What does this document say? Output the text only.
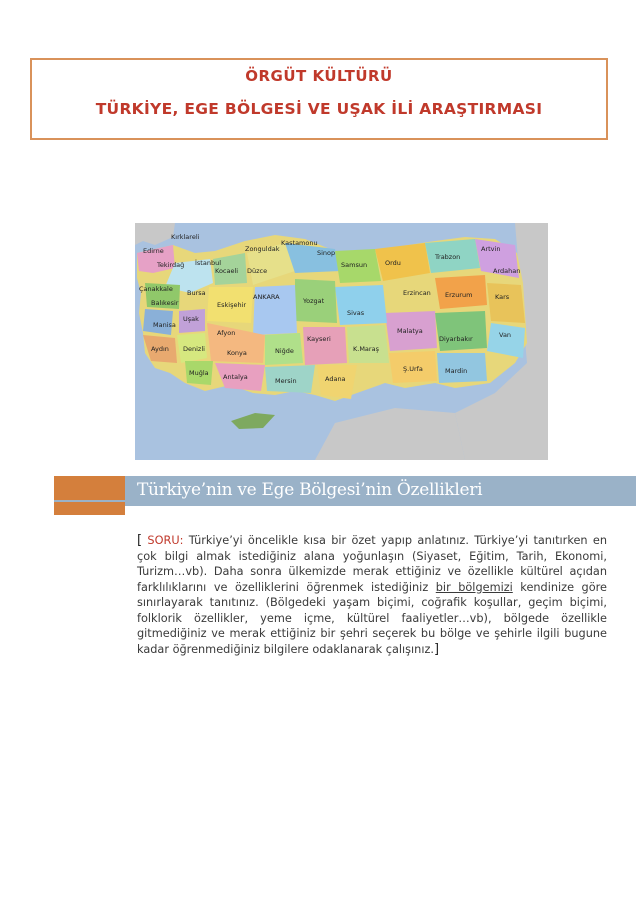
ÖRGÜT KÜLTÜRÜ
TÜRKİYE, EGE BÖLGESİ VE UŞAK İLİ ARAŞTIRMASI
Edirne
Kırklareli
Tekirdağ İstanbul
Çanakkale
Kocaeli Düzce
Zonguldak
Kastamonu
Sinop
Samsun	Ordu
Trabzon
Artvin
Ardahan
Kars
Erzurum
Erzincan
Bursa	ANKARA
Eskişehir
Balıkesir
Manisa
Uşak
Aydın Denizli
Afyon
Konya	Niğde
Kayseri
Sivas
Yozgat
Malatya
K.Maraş
Ş.Urfa	Mardin
Diyarbakır	Van
Antalya	Mersin	Adana
Muğla
Türkiye’nin ve Ege Bölgesi’nin Özellikleri
[ SORU: Türkiye’yi öncelikle kısa bir özet yapıp anlatınız. Türkiye’yi tanıtırken en çok bilgi almak istediğiniz alana yoğunlaşın (Siyaset, Eğitim, Tarih, Ekonomi, Turizm…vb). Daha sonra ülkemizde merak ettiğiniz ve özellikle kültürel açıdan farklılıklarını ve özelliklerini öğrenmek istediğiniz bir bölgemizi kendinize göre sınırlayarak tanıtınız. (Bölgedeki yaşam biçimi, coğrafik koşullar, geçim biçimi, folklorik özellikler, yeme içme, kültürel faaliyetler…vb), bölgede özellikle gitmediğiniz ve merak ettiğiniz bir şehri seçerek bu bölge ve şehirle ilgili bugune kadar öğrenmediğiniz bilgilere odaklanarak çalışınız.]
